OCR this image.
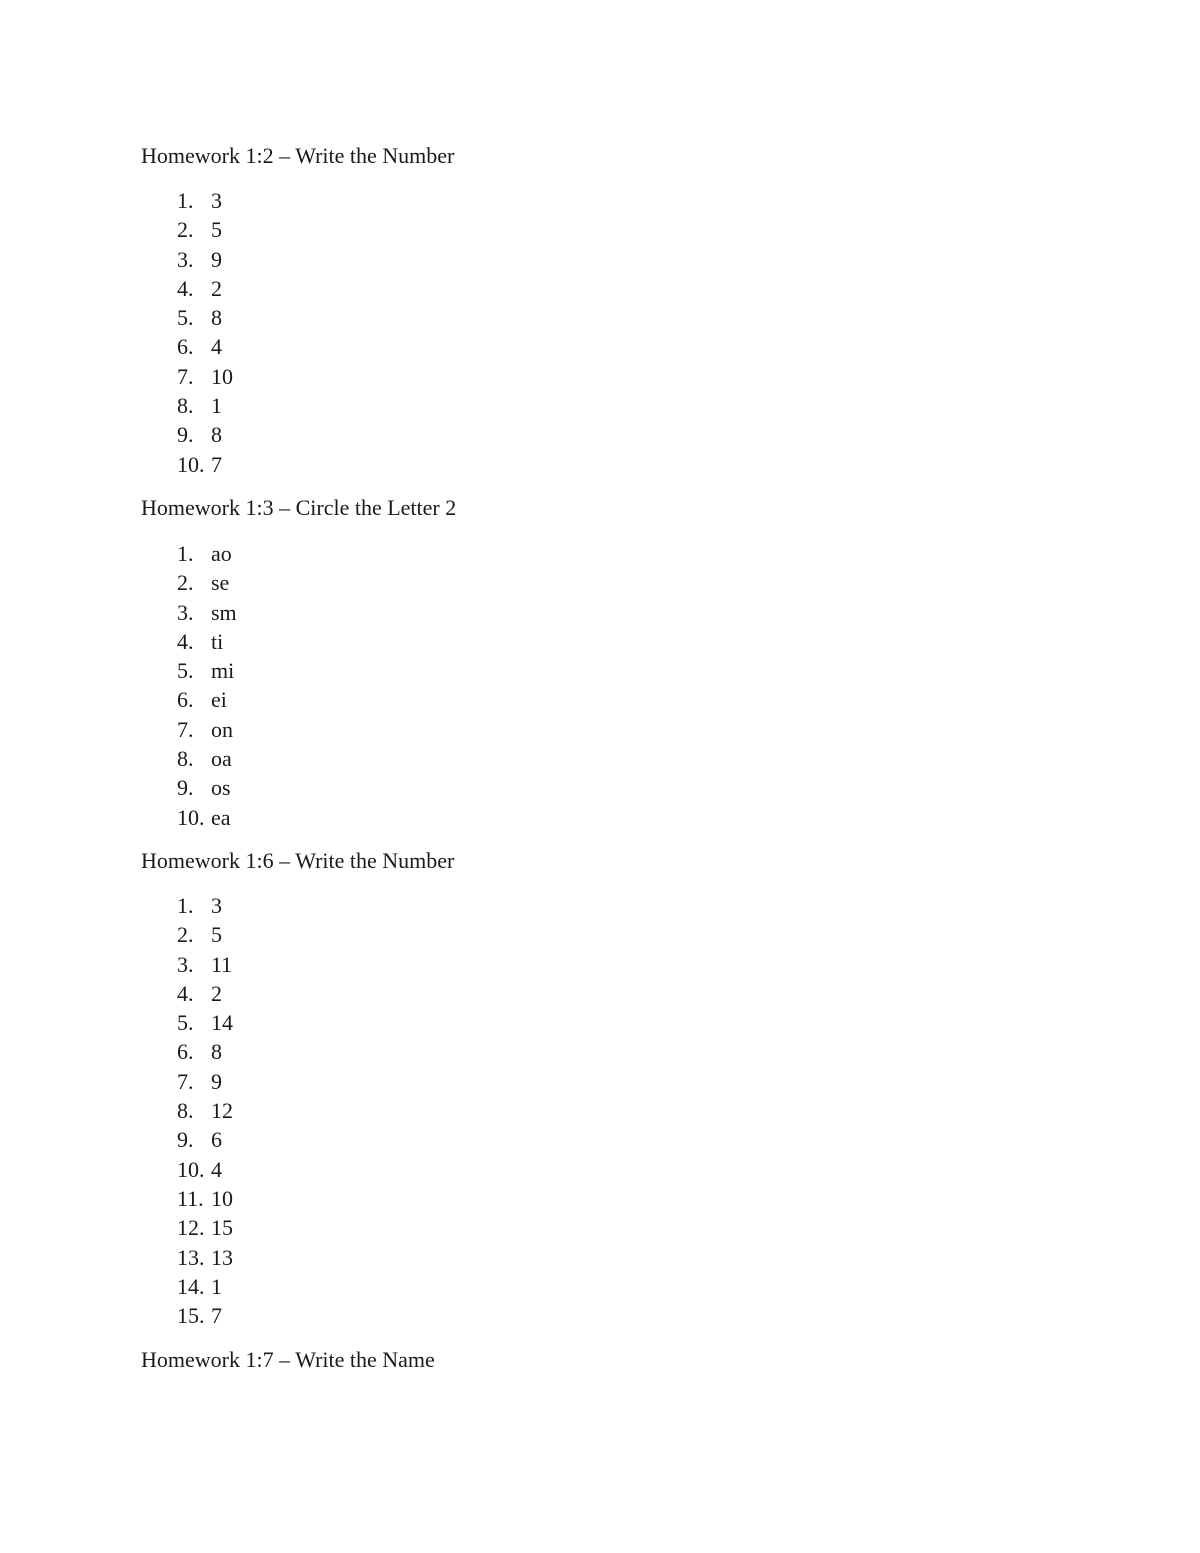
Homework 1:2 – Write the Number
1. 3
2. 5
3. 9
4. 2
5. 8
6. 4
7. 10
8. 1
9. 8
10. 7
Homework 1:3 – Circle the Letter 2
1. ao
2. se
3. sm
4. ti
5. mi
6. ei
7. on
8. oa
9. os
10. ea
Homework 1:6 – Write the Number
1. 3
2. 5
3. 11
4. 2
5. 14
6. 8
7. 9
8. 12
9. 6
10. 4
11. 10
12. 15
13. 13
14. 1
15. 7
Homework 1:7 – Write the Name
